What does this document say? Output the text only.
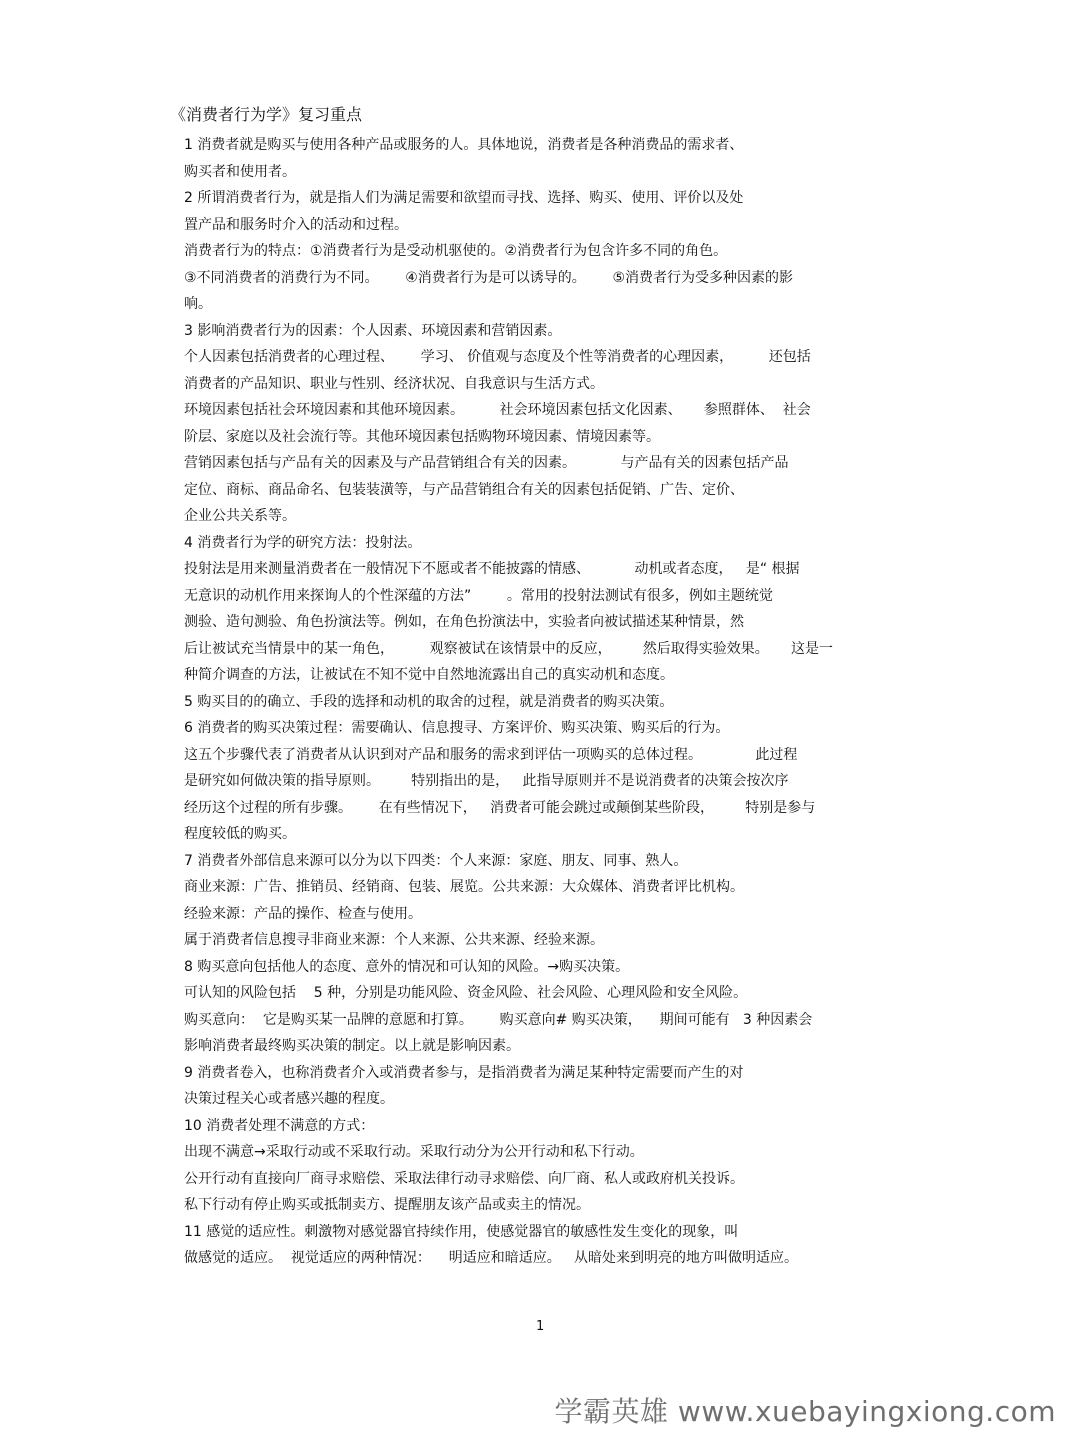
《消费者行为学》复习重点
1 消费者就是购买与使用各种产品或服务的人。具体地说，消费者是各种消费品的需求者、
购买者和使用者。
2 所谓消费者行为，就是指人们为满足需要和欲望而寻找、选择、购买、使用、评价以及处
置产品和服务时介入的活动和过程。
消费者行为的特点：①消费者行为是受动机驱使的。②消费者行为包含许多不同的角色。
③不同消费者的消费行为不同。      ④消费者行为是可以诱导的。      ⑤消费者行为受多种因素的影
响。
3 影响消费者行为的因素：个人因素、环境因素和营销因素。
个人因素包括消费者的心理过程、      学习、 价值观与态度及个性等消费者的心理因素，        还包括
消费者的产品知识、职业与性别、经济状况、自我意识与生活方式。
环境因素包括社会环境因素和其他环境因素。        社会环境因素包括文化因素、     参照群体、  社会
阶层、家庭以及社会流行等。其他环境因素包括购物环境因素、情境因素等。
营销因素包括与产品有关的因素及与产品营销组合有关的因素。          与产品有关的因素包括产品
定位、商标、商品命名、包装装潢等，与产品营销组合有关的因素包括促销、广告、定价、
企业公共关系等。
4 消费者行为学的研究方法：投射法。
投射法是用来测量消费者在一般情况下不愿或者不能披露的情感、          动机或者态度，   是“ 根据
无意识的动机作用来探询人的个性深蕴的方法”        。常用的投射法测试有很多，例如主题统觉
测验、造句测验、角色扮演法等。例如，在角色扮演法中，实验者向被试描述某种情景，然
后让被试充当情景中的某一角色，        观察被试在该情景中的反应，       然后取得实验效果。     这是一
种简介调查的方法，让被试在不知不觉中自然地流露出自己的真实动机和态度。
5 购买目的的确立、手段的选择和动机的取舍的过程，就是消费者的购买决策。
6 消费者的购买决策过程：需要确认、信息搜寻、方案评价、购买决策、购买后的行为。
这五个步骤代表了消费者从认识到对产品和服务的需求到评估一项购买的总体过程。            此过程
是研究如何做决策的指导原则。       特别指出的是，   此指导原则并不是说消费者的决策会按次序
经历这个过程的所有步骤。      在有些情况下，   消费者可能会跳过或颠倒某些阶段，       特别是参与
程度较低的购买。
7 消费者外部信息来源可以分为以下四类：个人来源：家庭、朋友、同事、熟人。
商业来源：广告、推销员、经销商、包装、展览。公共来源：大众媒体、消费者评比机构。
经验来源：产品的操作、检查与使用。
属于消费者信息搜寻非商业来源：个人来源、公共来源、经验来源。
8 购买意向包括他人的态度、意外的情况和可认知的风险。→购买决策。
可认知的风险包括    5 种，分别是功能风险、资金风险、社会风险、心理风险和安全风险。
购买意向：  它是购买某一品牌的意愿和打算。      购买意向# 购买决策，    期间可能有   3 种因素会
影响消费者最终购买决策的制定。以上就是影响因素。
9 消费者卷入，也称消费者介入或消费者参与，是指消费者为满足某种特定需要而产生的对
决策过程关心或者感兴趣的程度。
10 消费者处理不满意的方式：
出现不满意→采取行动或不采取行动。采取行动分为公开行动和私下行动。
公开行动有直接向厂商寻求赔偿、采取法律行动寻求赔偿、向厂商、私人或政府机关投诉。
私下行动有停止购买或抵制卖方、提醒朋友该产品或卖主的情况。
11 感觉的适应性。刺激物对感觉器官持续作用，使感觉器官的敏感性发生变化的现象，叫
做感觉的适应。  视觉适应的两种情况：    明适应和暗适应。   从暗处来到明亮的地方叫做明适应。
1
学霸英雄 www.xuebayingxiong.com
